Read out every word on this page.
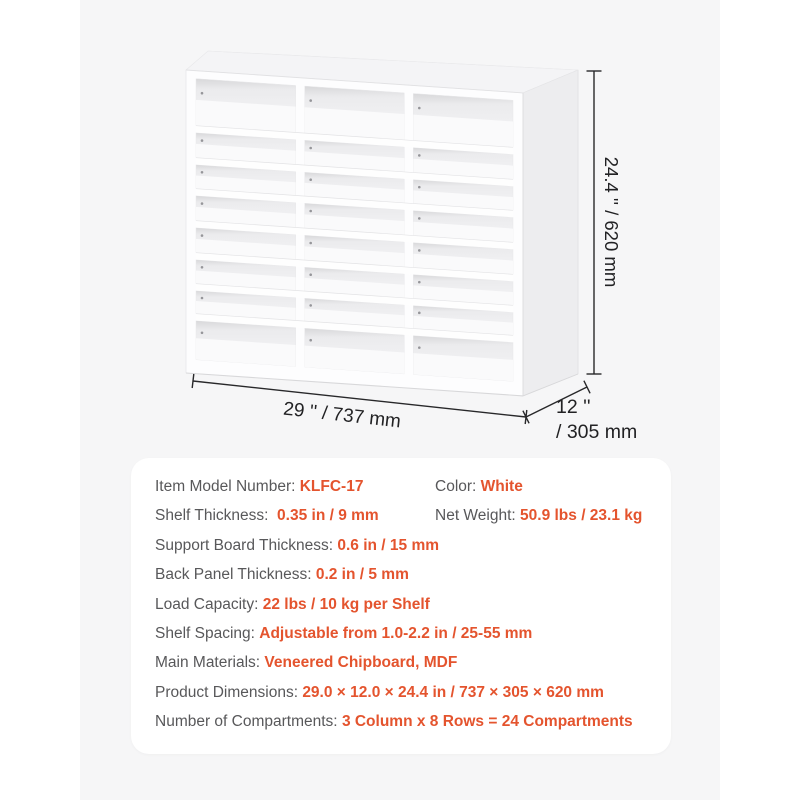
24.4 '' / 620 mm
29 '' / 737 mm	12 ''
/ 305 mm
Item Model Number: KLFC-17	Color: White
Shelf Thickness:  0.35 in / 9 mm	Net Weight: 50.9 lbs / 23.1 kg
Support Board Thickness: 0.6 in / 15 mm
Back Panel Thickness: 0.2 in / 5 mm
Load Capacity: 22 lbs / 10 kg per Shelf
Shelf Spacing: Adjustable from 1.0-2.2 in / 25-55 mm
Main Materials: Veneered Chipboard, MDF
Product Dimensions: 29.0 × 12.0 × 24.4 in / 737 × 305 × 620 mm
Number of Compartments: 3 Column x 8 Rows = 24 Compartments
